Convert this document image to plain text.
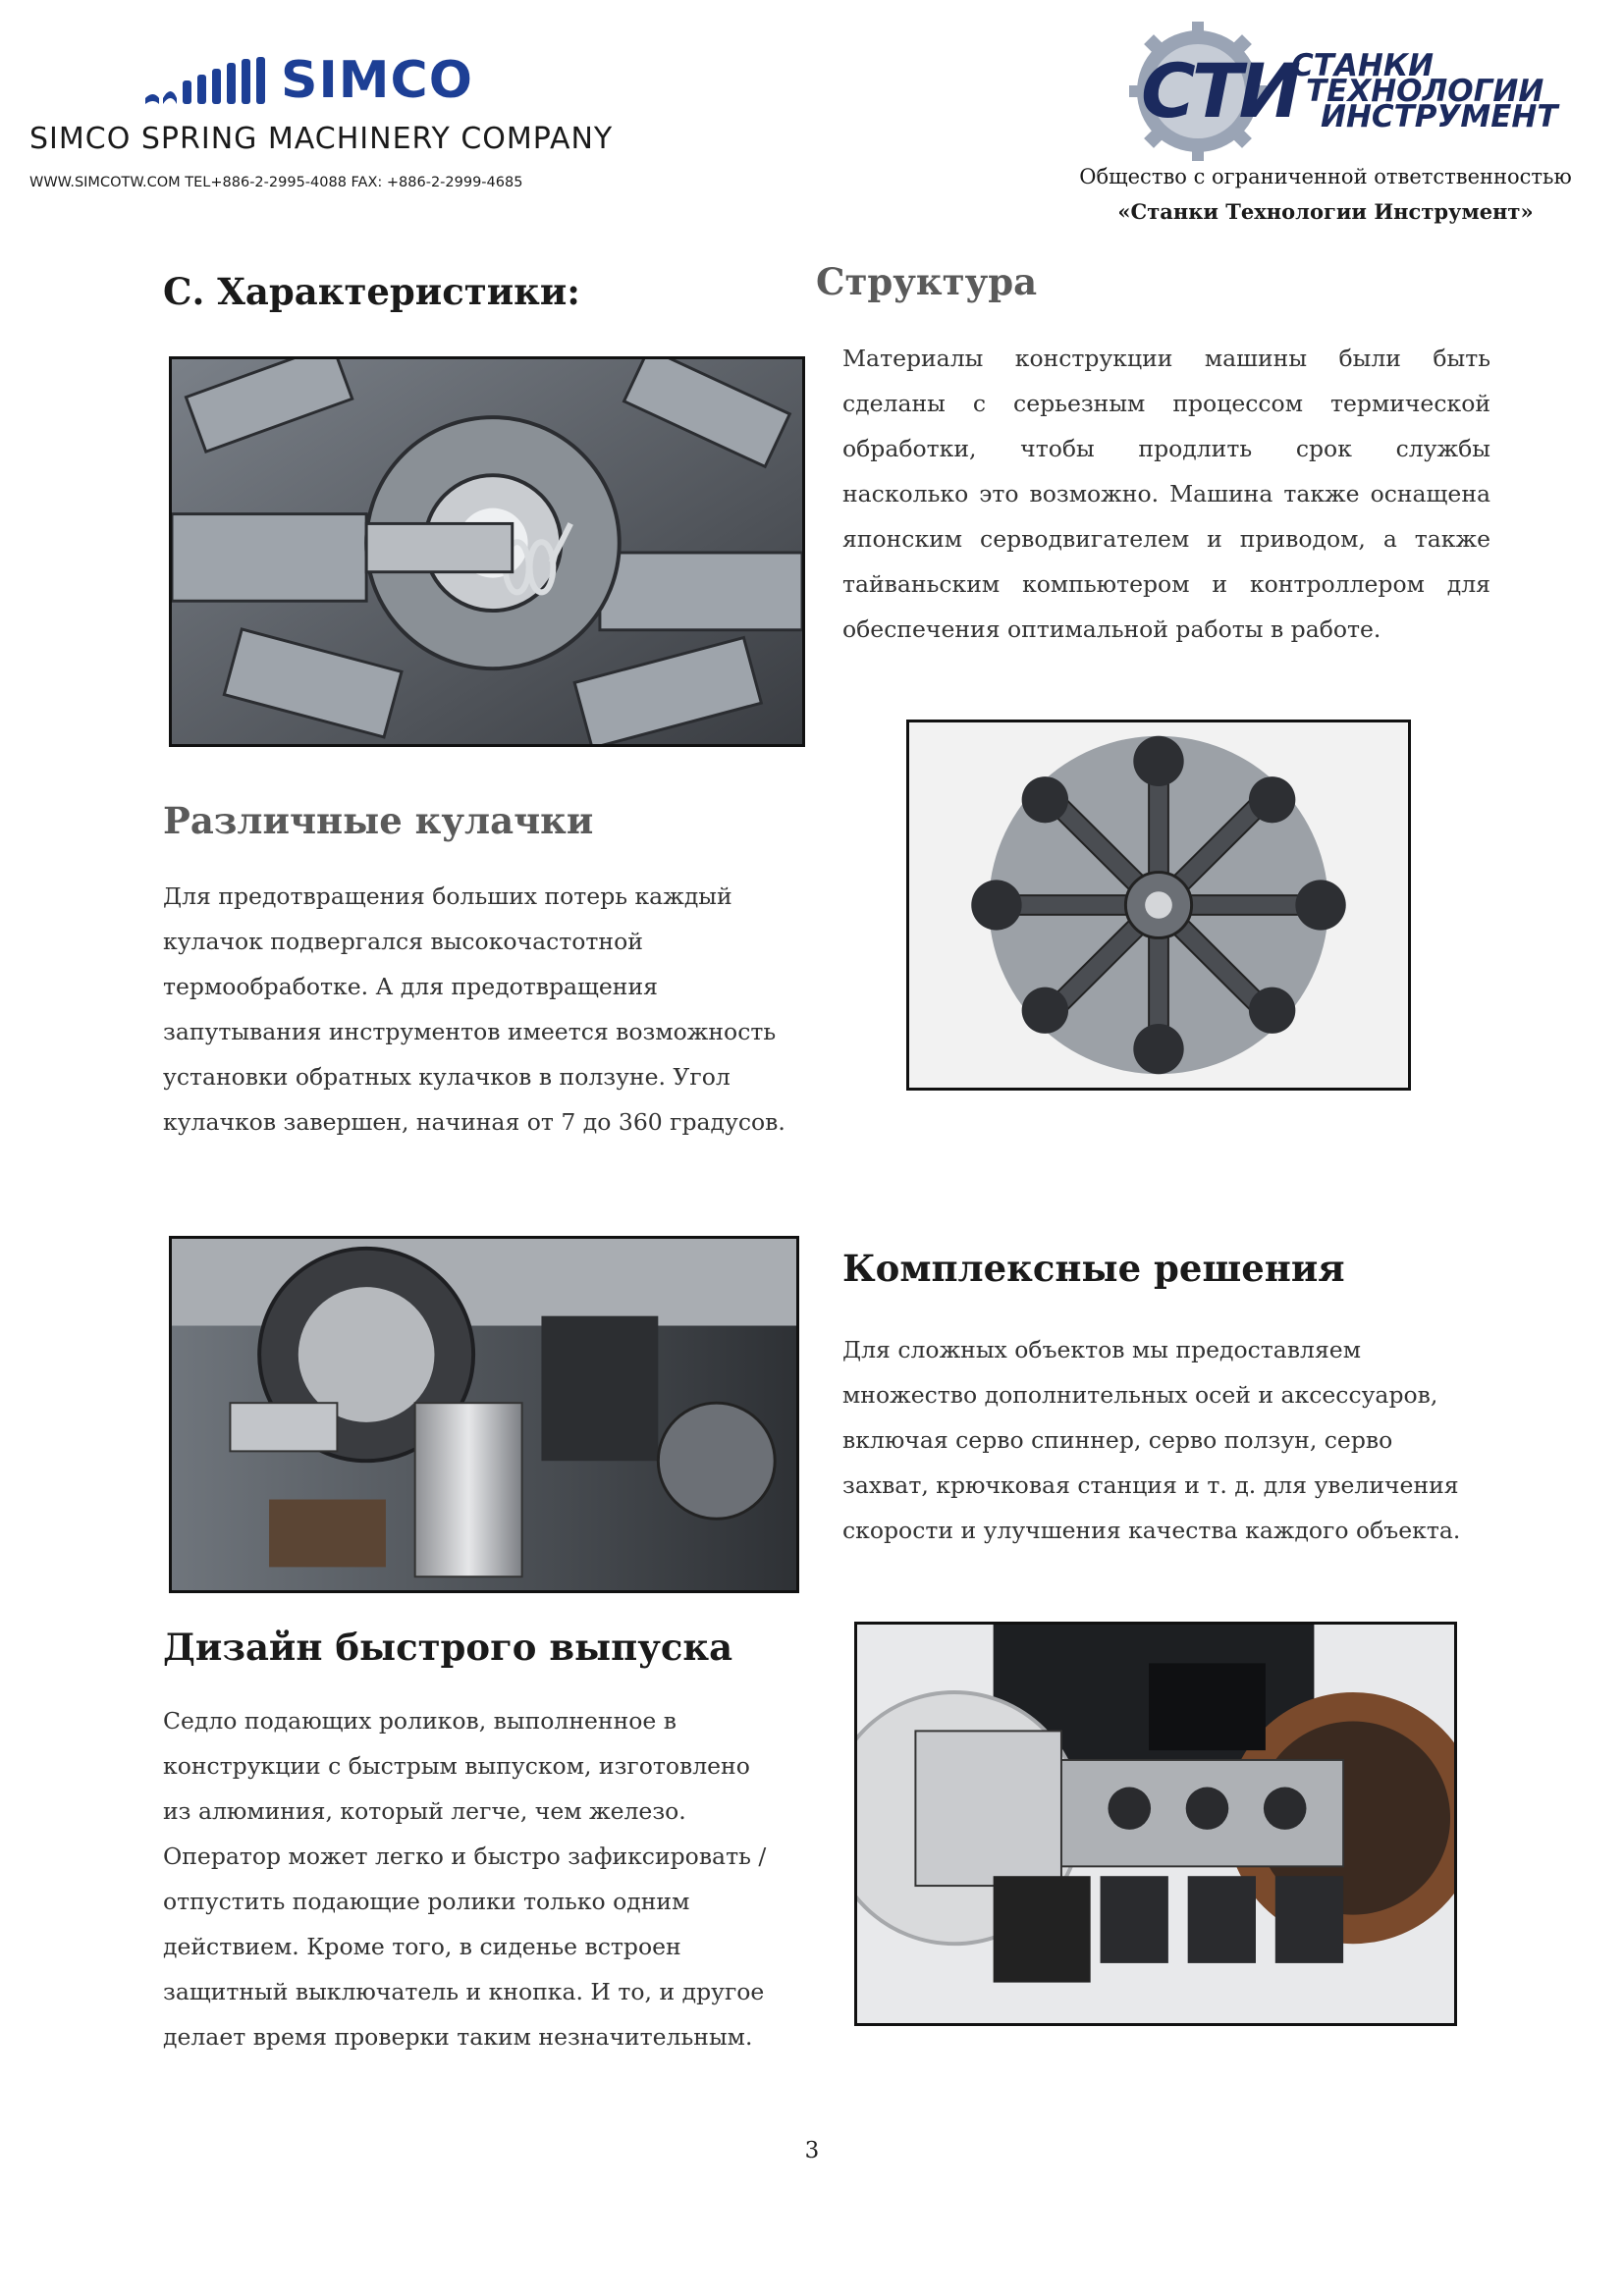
SIMCO
SIMCO SPRING MACHINERY COMPANY
WWW.SIMCOTW.COM TEL+886-2-2995-4088 FAX: +886-2-2999-4685
СТИ
СТАНКИ
ТЕХНОЛОГИИ
ИНСТРУМЕНТ
Общество с ограниченной ответственностью
«Станки Технологии Инструмент»
С. Характеристики:	Структура
Материалы конструкции машины были быть
сделаны с серьезным процессом термической
обработки, чтобы продлить срок службы
насколько это возможно. Машина также оснащена
японским серводвигателем и приводом, а также
тайваньским компьютером и контроллером для
обеспечения оптимальной работы в работе.
Различные кулачки
Для предотвращения больших потерь каждый
кулачок подвергался высокочастотной
термообработке. А для предотвращения
запутывания инструментов имеется возможность
установки обратных кулачков в ползуне. Угол
кулачков завершен, начиная от 7 до 360 градусов.
Комплексные решения
Для сложных объектов мы предоставляем
множество дополнительных осей и аксессуаров,
включая серво спиннер, серво ползун, серво
захват, крючковая станция и т. д. для увеличения
скорости и улучшения качества каждого объекта.
Дизайн быстрого выпуска
Седло подающих роликов, выполненное в
конструкции с быстрым выпуском, изготовлено
из алюминия, который легче, чем железо.
Оператор может легко и быстро зафиксировать /
отпустить подающие ролики только одним
действием. Кроме того, в сиденье встроен
защитный выключатель и кнопка. И то, и другое
делает время проверки таким незначительным.
3
